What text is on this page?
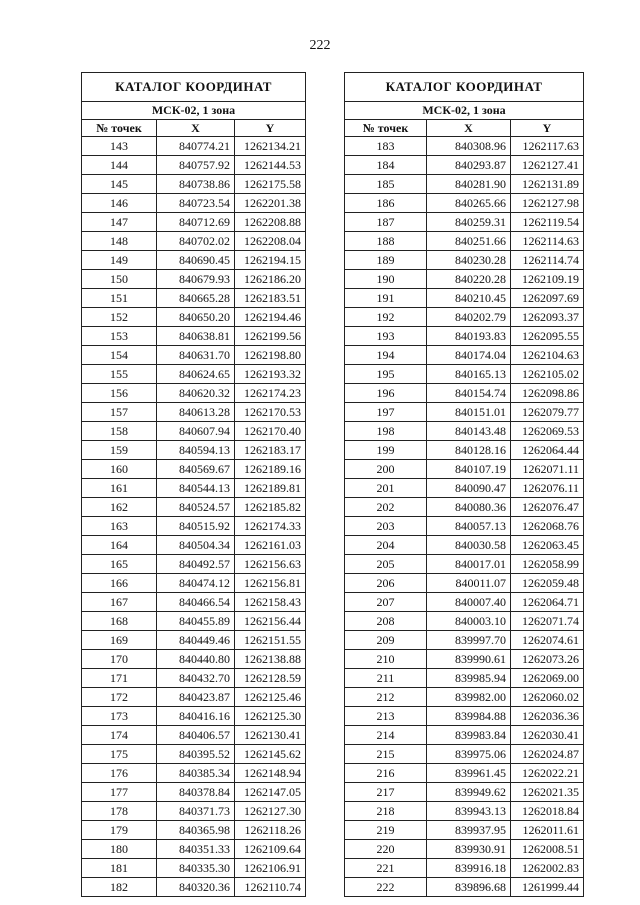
222
КАТАЛОГ КООРДИНАТ		
МСК-02, 1 зона		
№ точек	X	Y
143	840774.21	1262134.21
144	840757.92	1262144.53
145	840738.86	1262175.58
146	840723.54	1262201.38
147	840712.69	1262208.88
148	840702.02	1262208.04
149	840690.45	1262194.15
150	840679.93	1262186.20
151	840665.28	1262183.51
152	840650.20	1262194.46
153	840638.81	1262199.56
154	840631.70	1262198.80
155	840624.65	1262193.32
156	840620.32	1262174.23
157	840613.28	1262170.53
158	840607.94	1262170.40
159	840594.13	1262183.17
160	840569.67	1262189.16
161	840544.13	1262189.81
162	840524.57	1262185.82
163	840515.92	1262174.33
164	840504.34	1262161.03
165	840492.57	1262156.63
166	840474.12	1262156.81
167	840466.54	1262158.43
168	840455.89	1262156.44
169	840449.46	1262151.55
170	840440.80	1262138.88
171	840432.70	1262128.59
172	840423.87	1262125.46
173	840416.16	1262125.30
174	840406.57	1262130.41
175	840395.52	1262145.62
176	840385.34	1262148.94
177	840378.84	1262147.05
178	840371.73	1262127.30
179	840365.98	1262118.26
180	840351.33	1262109.64
181	840335.30	1262106.91
182	840320.36	1262110.74
КАТАЛОГ КООРДИНАТ		
МСК-02, 1 зона		
№ точек	X	Y
183	840308.96	1262117.63
184	840293.87	1262127.41
185	840281.90	1262131.89
186	840265.66	1262127.98
187	840259.31	1262119.54
188	840251.66	1262114.63
189	840230.28	1262114.74
190	840220.28	1262109.19
191	840210.45	1262097.69
192	840202.79	1262093.37
193	840193.83	1262095.55
194	840174.04	1262104.63
195	840165.13	1262105.02
196	840154.74	1262098.86
197	840151.01	1262079.77
198	840143.48	1262069.53
199	840128.16	1262064.44
200	840107.19	1262071.11
201	840090.47	1262076.11
202	840080.36	1262076.47
203	840057.13	1262068.76
204	840030.58	1262063.45
205	840017.01	1262058.99
206	840011.07	1262059.48
207	840007.40	1262064.71
208	840003.10	1262071.74
209	839997.70	1262074.61
210	839990.61	1262073.26
211	839985.94	1262069.00
212	839982.00	1262060.02
213	839984.88	1262036.36
214	839983.84	1262030.41
215	839975.06	1262024.87
216	839961.45	1262022.21
217	839949.62	1262021.35
218	839943.13	1262018.84
219	839937.95	1262011.61
220	839930.91	1262008.51
221	839916.18	1262002.83
222	839896.68	1261999.44
